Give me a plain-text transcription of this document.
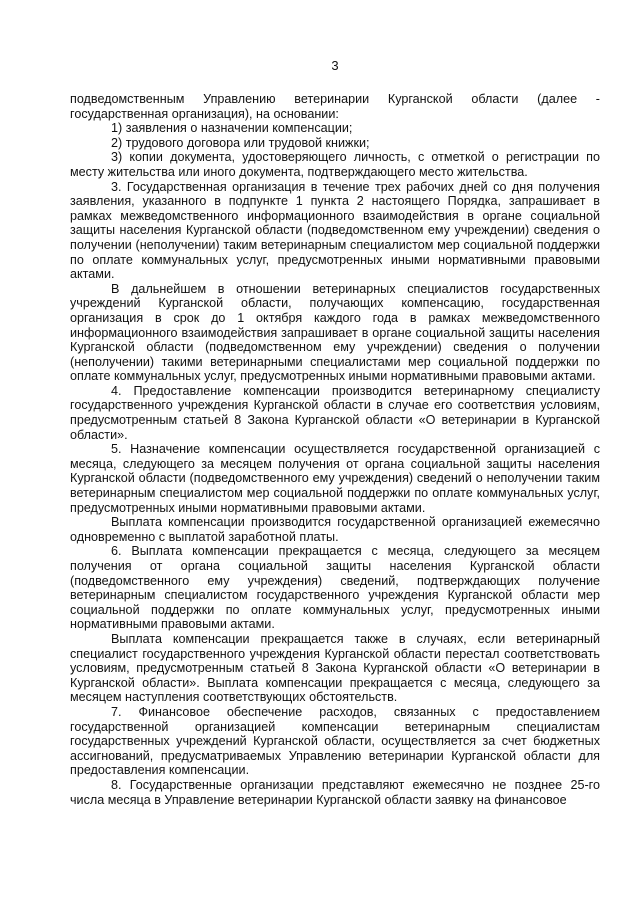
3

подведомственным Управлению ветеринарии Курганской области (далее - государственная организация), на основании:

1) заявления о назначении компенсации;

2) трудового договора или трудовой книжки;

3) копии документа, удостоверяющего личность, с отметкой о регистрации по месту жительства или иного документа, подтверждающего место жительства.

3. Государственная организация в течение трех рабочих дней со дня получения заявления, указанного в подпункте 1 пункта 2 настоящего Порядка, запрашивает в рамках межведомственного информационного взаимодействия в органе социальной защиты населения Курганской области (подведомственном ему учреждении) сведения о получении (неполучении) таким ветеринарным специалистом мер социальной поддержки по оплате коммунальных услуг, предусмотренных иными нормативными правовыми актами.

В дальнейшем в отношении ветеринарных специалистов государственных учреждений Курганской области, получающих компенсацию, государственная организация в срок до 1 октября каждого года в рамках межведомственного информационного взаимодействия запрашивает в органе социальной защиты населения Курганской области (подведомственном ему учреждении) сведения о получении (неполучении) такими ветеринарными специалистами мер социальной поддержки по оплате коммунальных услуг, предусмотренных иными нормативными правовыми актами.

4. Предоставление компенсации производится ветеринарному специалисту государственного учреждения Курганской области в случае его соответствия условиям, предусмотренным статьей 8 Закона Курганской области «О ветеринарии в Курганской области».

5. Назначение компенсации осуществляется государственной организацией с месяца, следующего за месяцем получения от органа социальной защиты населения Курганской области (подведомственного ему учреждения) сведений о неполучении таким ветеринарным специалистом мер социальной поддержки по оплате коммунальных услуг, предусмотренных иными нормативными правовыми актами.

Выплата компенсации производится государственной организацией ежемесячно одновременно с выплатой заработной платы.

6. Выплата компенсации прекращается с месяца, следующего за месяцем получения от органа социальной защиты населения Курганской области (подведомственного ему учреждения) сведений, подтверждающих получение ветеринарным специалистом государственного учреждения Курганской области мер социальной поддержки по оплате коммунальных услуг, предусмотренных иными нормативными правовыми актами.

Выплата компенсации прекращается также в случаях, если ветеринарный специалист государственного учреждения Курганской области перестал соответствовать условиям, предусмотренным статьей 8 Закона Курганской области «О ветеринарии в Курганской области». Выплата компенсации прекращается с месяца, следующего за месяцем наступления соответствующих обстоятельств.

7. Финансовое обеспечение расходов, связанных с предоставлением государственной организацией компенсации ветеринарным специалистам государственных учреждений Курганской области, осуществляется за счет бюджетных ассигнований, предусматриваемых Управлению ветеринарии Курганской области для предоставления компенсации.

8. Государственные организации представляют ежемесячно не позднее 25-го числа месяца в Управление ветеринарии Курганской области заявку на финансовое
